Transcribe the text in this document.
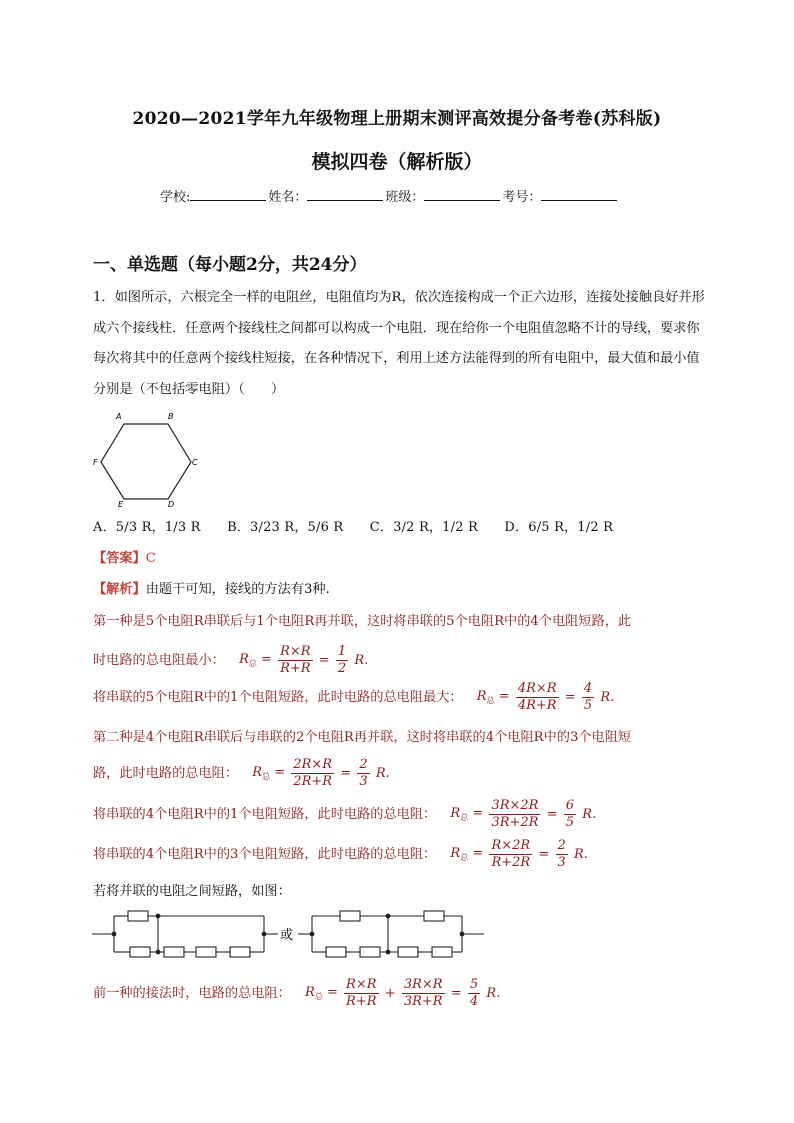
2020—2021学年九年级物理上册期末测评高效提分备考卷(苏科版)
模拟四卷（解析版）
学校:	姓名：	班级：	考号：
一、单选题（每小题2分，共24分）
1．如图所示，六根完全一样的电阻丝，电阻值均为R，依次连接构成一个正六边形，连接处接触良好并形成六个接线柱．任意两个接线柱之间都可以构成一个电阻．现在给你一个电阻值忽略不计的导线，要求你每次将其中的任意两个接线柱短接，在各种情况下，利用上述方法能得到的所有电阻中，最大值和最小值分别是（不包括零电阻）（　　）
A	B
C
D
E
F
A．5/3 R，1/3 R　　B．3/23 R，5/6 R　　C．3/2 R，1/2 R　　D．6/5 R，1/2 R
【答案】C
【解析】由题干可知，接线的方法有3种.
第一种是5个电阻R串联后与1个电阻R再并联，这时将串联的5个电阻R中的4个电阻短路，此
时电路的总电阻最小： $R_总 = \frac{R\times R}{R+R} = \frac{1}{2} R$.
将串联的5个电阻R中的1个电阻短路，此时电路的总电阻最大： $R_总 = \frac{4R\times R}{4R+R} = \frac{4}{5} R$.
第二种是4个电阻R串联后与串联的2个电阻R再并联，这时将串联的4个电阻R中的3个电阻短
路，此时电路的总电阻： $R_总 = \frac{2R\times R}{2R+R} = \frac{2}{3} R$.
将串联的4个电阻R中的1个电阻短路，此时电路的总电阻： $R_总 = \frac{3R\times 2R}{3R+2R} = \frac{6}{5} R$.
将串联的4个电阻R中的3个电阻短路，此时电路的总电阻： $R_总 = \frac{R\times 2R}{R+2R} = \frac{2}{3} R$.
若将并联的电阻之间短路，如图：
或
前一种的接法时，电路的总电阻： $R_总 = \frac{R\times R}{R+R} + \frac{3R\times R}{3R+R} = \frac{5}{4} R$.
